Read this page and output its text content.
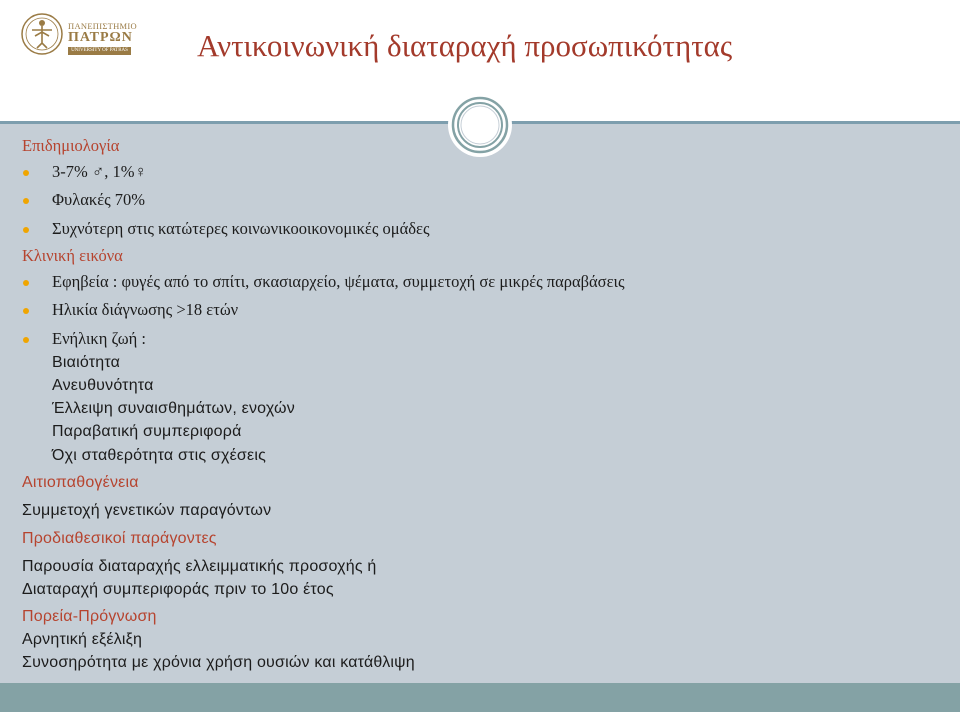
ΠΑΝΕΠΙΣΤΗΜΙΟ
ΠΑΤΡΩΝ
UNIVERSITY OF PATRAS Αντικοινωνική διαταραχή προσωπικότητας
Επιδημιολογία
3-7% ♂, 1%♀
Φυλακές 70%
Συχνότερη στις κατώτερες κοινωνικοοικονομικές ομάδες
Κλινική εικόνα
Εφηβεία : φυγές από το σπίτι, σκασιαρχείο, ψέματα, συμμετοχή σε μικρές παραβάσεις
Ηλικία διάγνωσης >18 ετών
Ενήλικη ζωή :
Βιαιότητα
Ανευθυνότητα
Έλλειψη συναισθημάτων, ενοχών
Παραβατική συμπεριφορά
Όχι σταθερότητα στις σχέσεις
Αιτιοπαθογένεια
Συμμετοχή γενετικών παραγόντων
Προδιαθεσικοί παράγοντες
Παρουσία διαταραχής ελλειμματικής προσοχής ή
Διαταραχή συμπεριφοράς πριν το 10ο έτος
Πορεία-Πρόγνωση
Αρνητική εξέλιξη
Συνοσηρότητα με χρόνια χρήση ουσιών και κατάθλιψη
